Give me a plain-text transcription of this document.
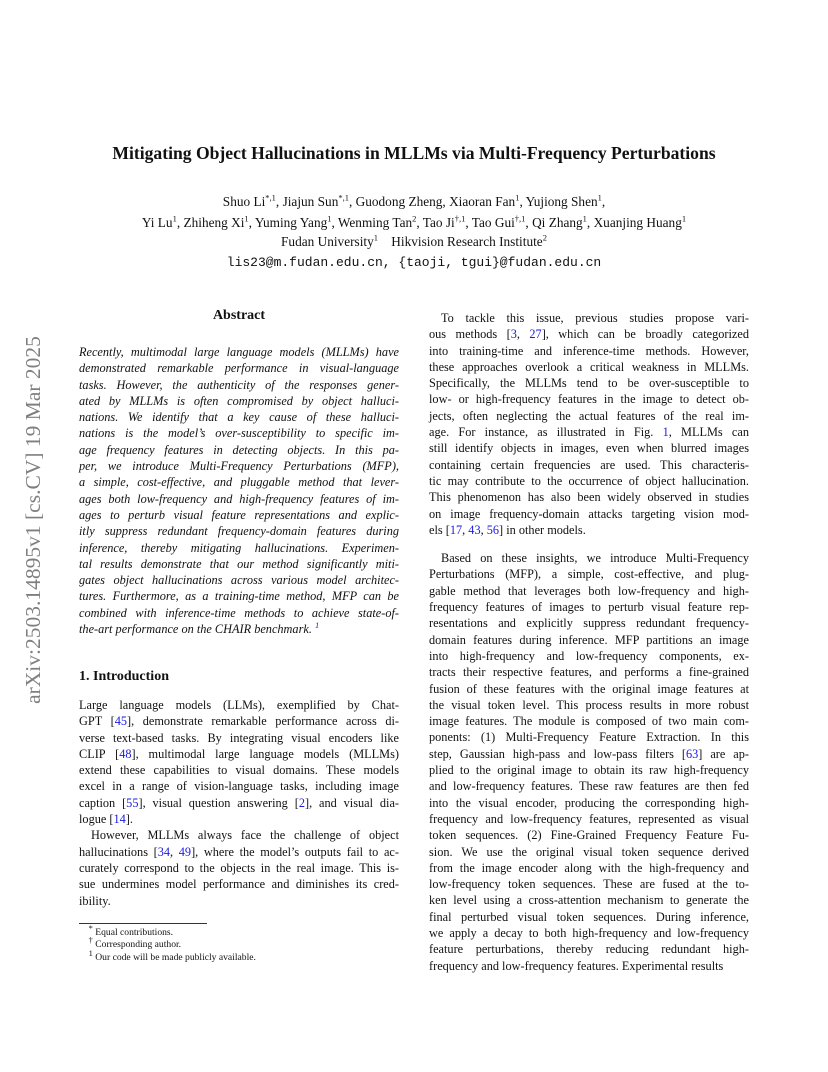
arXiv:2503.14895v1 [cs.CV] 19 Mar 2025
Mitigating Object Hallucinations in MLLMs via Multi-Frequency Perturbations
Shuo $Li^{*,1}$, Jiajun Sun$^{*,1}$, Guodong Zheng, Xiaoran Fan$^1$, Yujiong Shen$^1$,
Yi Lu$^1$, Zhiheng Xi$^1$, Yuming Yang$^1$, Wenming Tan$^2$, Tao $Ji^{\dagger,1}$, Tao Gui$^{\dagger,1}$, Qi Zhang$^1$, Xuanjing Huang$^1$
Fudan University$^1$  Hikvision Research Institute$^2$
lis23@m.fudan.edu.cn, {taoji, tgui}@fudan.edu.cn
Abstract

Recently, multimodal large language models (MLLMs) have

demonstrated remarkable performance in visual-language

tasks. However, the authenticity of the responses gener-

ated by MLLMs is often compromised by object halluci-

nations. We identify that a key cause of these halluci-

nations is the model’s over-susceptibility to specific im-

age frequency features in detecting objects. In this pa-

per, we introduce Multi-Frequency Perturbations (MFP),

a simple, cost-effective, and pluggable method that lever-

ages both low-frequency and high-frequency features of im-

ages to perturb visual feature representations and explic-

itly suppress redundant frequency-domain features during

inference, thereby mitigating hallucinations. Experimen-

tal results demonstrate that our method significantly miti-

gates object hallucinations across various model architec-

tures. Furthermore, as a training-time method, MFP can be

combined with inference-time methods to achieve state-of-

the-art performance on the CHAIR benchmark. $^1$

1. Introduction

Large language models (LLMs), exemplified by Chat-

GPT [45], demonstrate remarkable performance across di-

verse text-based tasks. By integrating visual encoders like

CLIP [48], multimodal large language models (MLLMs)

extend these capabilities to visual domains. These models

excel in a range of vision-language tasks, including image

caption [55], visual question answering [2], and visual dia-

logue [14].

However, MLLMs always face the challenge of object

hallucinations [34, 49], where the model’s outputs fail to ac-

curately correspond to the objects in the real image. This is-

sue undermines model performance and diminishes its cred-

ibility.

To tackle this issue, previous studies propose vari-

ous methods [3, 27], which can be broadly categorized

into training-time and inference-time methods. However,

these approaches overlook a critical weakness in MLLMs.

Specifically, the MLLMs tend to be over-susceptible to

low- or high-frequency features in the image to detect ob-

jects, often neglecting the actual features of the real im-

age. For instance, as illustrated in Fig. 1, MLLMs can

still identify objects in images, even when blurred images

containing certain frequencies are used. This characteris-

tic may contribute to the occurrence of object hallucination.

This phenomenon has also been widely observed in studies

on image frequency-domain attacks targeting vision mod-

els [17, 43, 56] in other models.

Based on these insights, we introduce Multi-Frequency

Perturbations (MFP), a simple, cost-effective, and plug-

gable method that leverages both low-frequency and high-

frequency features of images to perturb visual feature rep-

resentations and explicitly suppress redundant frequency-

domain features during inference. MFP partitions an image

into high-frequency and low-frequency components, ex-

tracts their respective features, and performs a fine-grained

fusion of these features with the original image features at

the visual token level. This process results in more robust

image features. The module is composed of two main com-

ponents: (1) Multi-Frequency Feature Extraction. In this

step, Gaussian high-pass and low-pass filters [63] are ap-

plied to the original image to obtain its raw high-frequency

and low-frequency features. These raw features are then fed

into the visual encoder, producing the corresponding high-

frequency and low-frequency features, represented as visual

token sequences. (2) Fine-Grained Frequency Feature Fu-

sion. We use the original visual token sequence derived

from the image encoder along with the high-frequency and

low-frequency token sequences. These are fused at the to-

ken level using a cross-attention mechanism to generate the

final perturbed visual token sequences. During inference,

we apply a decay to both high-frequency and low-frequency

feature perturbations, thereby reducing redundant high-

frequency and low-frequency features. Experimental results

 * Equal contributions.
 † Corresponding author.
 $^1$ Our code will be made publicly available.
